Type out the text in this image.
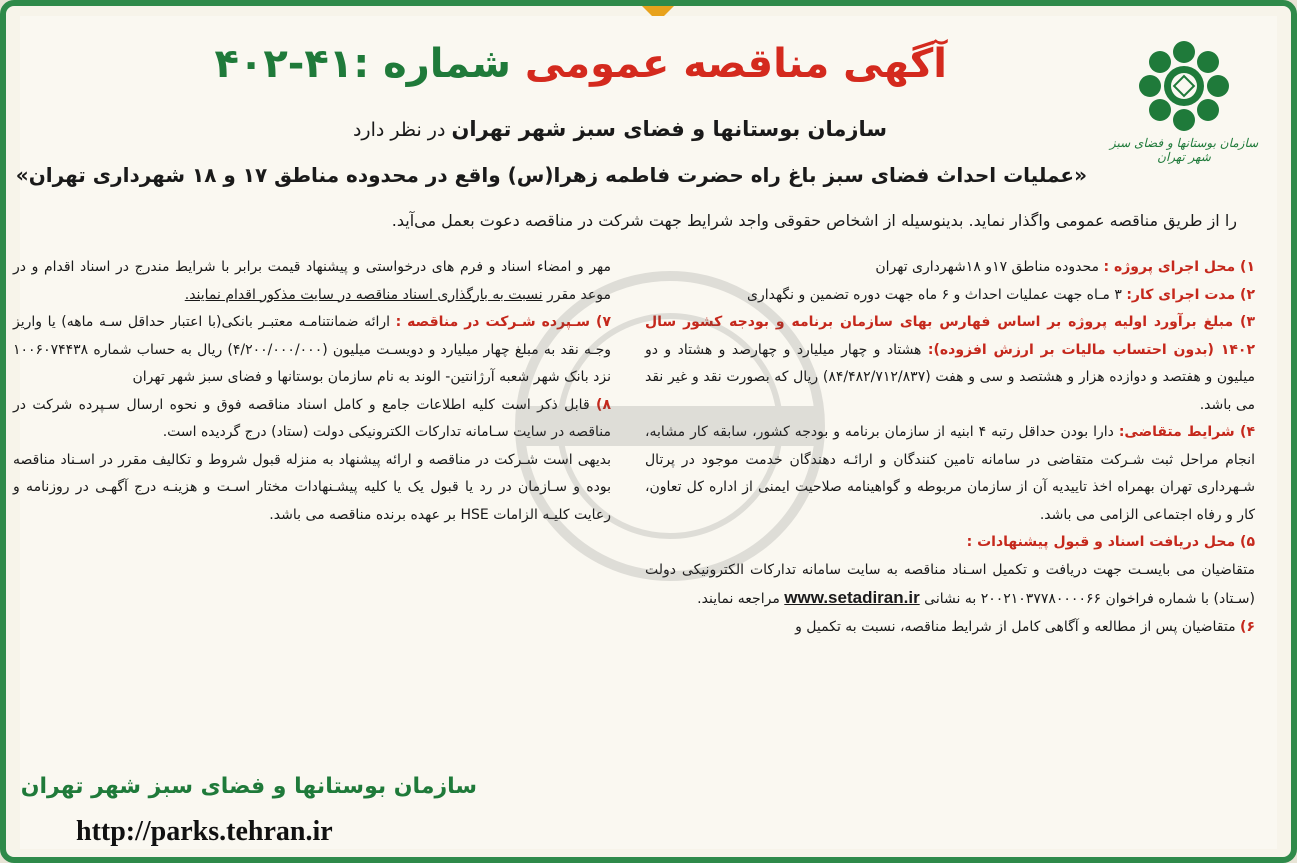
سازمان بوستانها و فضای سبز شهر تهران
آگهی مناقصه عمومی شماره :۴۱-۴۰۲
سازمان بوستانها و فضای سبز شهر تهران در نظر دارد
«عملیات احداث فضای سبز باغ راه حضرت فاطمه زهرا(س) واقع در محدوده مناطق ۱۷ و ۱۸ شهرداری تهران»
را از طریق مناقصه عمومی واگذار نماید. بدینوسیله از اشخاص حقوقی واجد شرایط جهت شرکت در مناقصه دعوت بعمل می‌آید.

۱) محل اجرای پروژه : محدوده مناطق ۱۷و ۱۸شهرداری تهران

۲) مدت اجرای کار: ۳ مـاه جهت عملیات احداث و ۶ ماه جهت دوره تضمین و نگهداری

۳) مبلغ برآورد اولیه پروژه بر اساس فهارس بهای سازمان برنامه و بودجه کشور سال ۱۴۰۲ (بدون احتساب مالیات بر ارزش افزوده): هشتاد و چهار میلیارد و چهارصد و هشتاد و دو میلیون و هفتصد و دوازده هزار و هشتصد و سی و هفت (۸۴/۴۸۲/۷۱۲/۸۳۷) ریال که بصورت نقد و غیر نقد می باشد.

۴) شرایط متقاضی: دارا بودن حداقل رتبه ۴ ابنیه از سازمان برنامه و بودجه کشور، سابقه کار مشابه، انجام مراحل ثبت شـرکت متقاضی در سامانه تامین کنندگان و ارائـه دهندگان خدمت موجود در پرتال شـهرداری تهران بهمراه اخذ تاییدیه آن از سازمان مربوطه و گواهینامه صلاحیت ایمنی از اداره کل تعاون، کار و رفاه اجتماعی الزامی می باشد.

۵) محل دریافت اسناد و قبول پیشنهادات :

متقاضیان می بایسـت جهت دریافت و تکمیل اسـناد مناقصه به سایت سامانه تدارکات الکترونیکی دولت (سـتاد) با شماره فراخوان ۲۰۰۲۱۰۳۷۷۸۰۰۰۰۶۶ به نشانی www.setadiran.ir مراجعه نمایند.

۶) متقاضیان پس از مطالعه و آگاهی کامل از شرایط مناقصه، نسبت به تکمیل و

مهر و امضاء اسناد و فرم های درخواستی و پیشنهاد قیمت برابر با شرایط مندرج در اسناد اقدام و در موعد مقرر نسبت به بارگذاری اسناد مناقصه در سایت مذکور اقدام نمایند.

۷) سـپرده شـرکت در مناقصه : ارائه ضمانتنامـه معتبـر بانکی(با اعتبار حداقل سـه ماهه) یا واریز وجـه نقد به مبلغ چهار میلیارد و دویسـت میلیون (۴/۲۰۰/۰۰۰/۰۰۰) ریال به حساب شماره ۱۰۰۶۰۷۴۴۳۸ نزد بانک شهر شعبه آرژانتین- الوند به نام سازمان بوستانها و فضای سبز شهر تهران

۸) قابل ذکر است کلیه اطلاعات جامع و کامل اسناد مناقصه فوق و نحوه ارسال سـپرده شرکت در مناقصه در سایت سـامانه تدارکات الکترونیکی دولت (ستاد) درج گردیده است.

بدیهی است شـرکت در مناقصه و ارائه پیشنهاد به منزله قبول شروط و تکالیف مقرر در اسـناد مناقصه بوده و سـازمان در رد یا قبول یک یا کلیه پیشـنهادات مختار اسـت و هزینـه درج آگهـی در روزنامه و رعایت کلیـه الزامات HSE بر عهده برنده مناقصه می باشد.

سازمان بوستانها و فضای سبز شهر تهران
http://parks.tehran.ir
